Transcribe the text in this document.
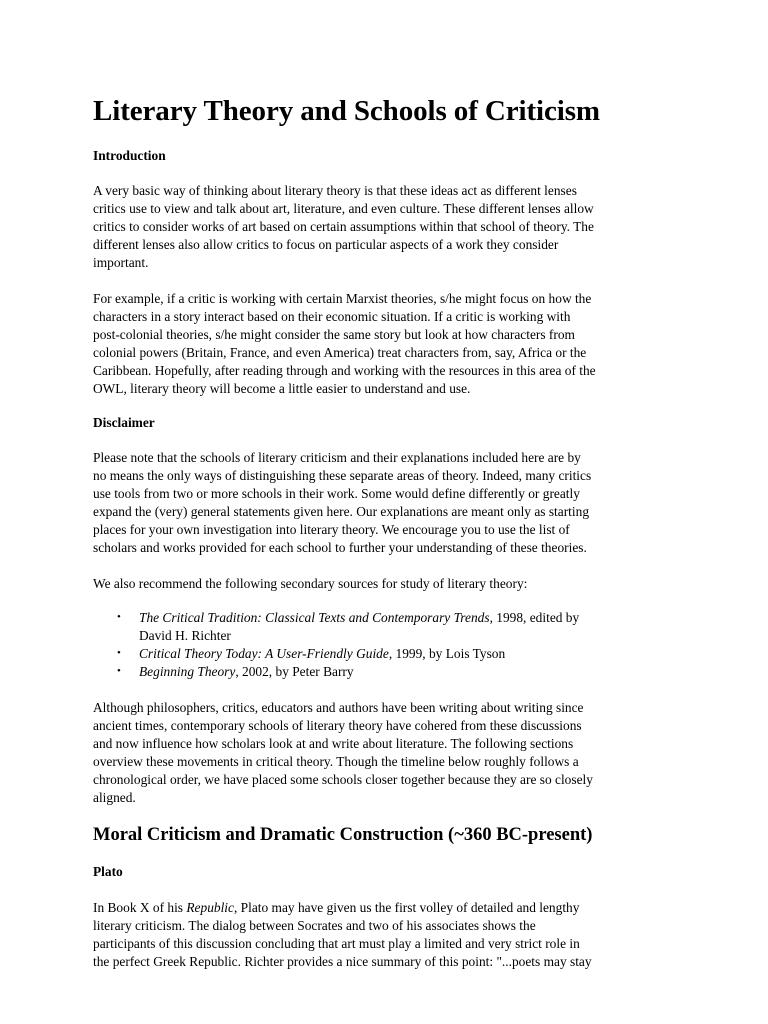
Literary Theory and Schools of Criticism
Introduction

A very basic way of thinking about literary theory is that these ideas act as different lenses
critics use to view and talk about art, literature, and even culture. These different lenses allow
critics to consider works of art based on certain assumptions within that school of theory. The
different lenses also allow critics to focus on particular aspects of a work they consider
important.

For example, if a critic is working with certain Marxist theories, s/he might focus on how the
characters in a story interact based on their economic situation. If a critic is working with
post-colonial theories, s/he might consider the same story but look at how characters from
colonial powers (Britain, France, and even America) treat characters from, say, Africa or the
Caribbean. Hopefully, after reading through and working with the resources in this area of the
OWL, literary theory will become a little easier to understand and use.

Disclaimer

Please note that the schools of literary criticism and their explanations included here are by
no means the only ways of distinguishing these separate areas of theory. Indeed, many critics
use tools from two or more schools in their work. Some would define differently or greatly
expand the (very) general statements given here. Our explanations are meant only as starting
places for your own investigation into literary theory. We encourage you to use the list of
scholars and works provided for each school to further your understanding of these theories.

We also recommend the following secondary sources for study of literary theory:

• The Critical Tradition: Classical Texts and Contemporary Trends, 1998, edited by
David H. Richter
• Critical Theory Today: A User-Friendly Guide, 1999, by Lois Tyson
• Beginning Theory, 2002, by Peter Barry

Although philosophers, critics, educators and authors have been writing about writing since
ancient times, contemporary schools of literary theory have cohered from these discussions
and now influence how scholars look at and write about literature. The following sections
overview these movements in critical theory. Though the timeline below roughly follows a
chronological order, we have placed some schools closer together because they are so closely
aligned.

Moral Criticism and Dramatic Construction (~360 BC-present)
Plato

In Book X of his Republic, Plato may have given us the first volley of detailed and lengthy
literary criticism. The dialog between Socrates and two of his associates shows the
participants of this discussion concluding that art must play a limited and very strict role in
the perfect Greek Republic. Richter provides a nice summary of this point: "...poets may stay
